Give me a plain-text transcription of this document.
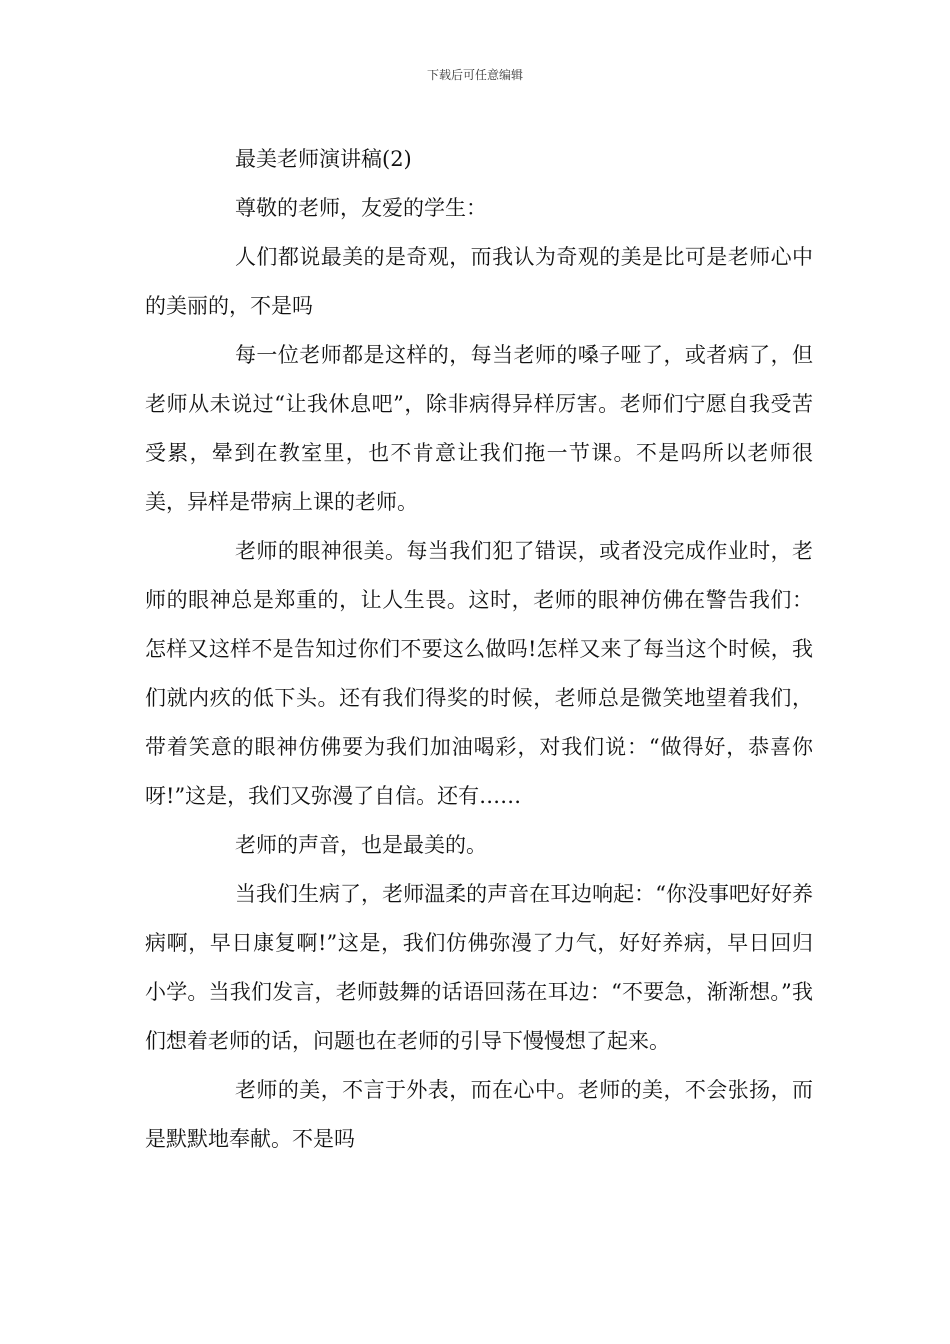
下载后可任意编辑

最美老师演讲稿(2)

尊敬的老师，友爱的学生：

人们都说最美的是奇观，而我认为奇观的美是比可是老师心中的美丽的，不是吗

每一位老师都是这样的，每当老师的嗓子哑了，或者病了，但老师从未说过“让我休息吧”，除非病得异样厉害。老师们宁愿自我受苦受累，晕到在教室里，也不肯意让我们拖一节课。不是吗所以老师很美，异样是带病上课的老师。

老师的眼神很美。每当我们犯了错误，或者没完成作业时，老师的眼神总是郑重的，让人生畏。这时，老师的眼神仿佛在警告我们：怎样又这样不是告知过你们不要这么做吗!怎样又来了每当这个时候，我们就内疚的低下头。还有我们得奖的时候，老师总是微笑地望着我们，带着笑意的眼神仿佛要为我们加油喝彩，对我们说：“做得好，恭喜你呀!”这是，我们又弥漫了自信。还有……

老师的声音，也是最美的。

当我们生病了，老师温柔的声音在耳边响起：“你没事吧好好养病啊，早日康复啊!”这是，我们仿佛弥漫了力气，好好养病，早日回归小学。当我们发言，老师鼓舞的话语回荡在耳边：“不要急，渐渐想。”我们想着老师的话，问题也在老师的引导下慢慢想了起来。

老师的美，不言于外表，而在心中。老师的美，不会张扬，而是默默地奉献。不是吗
